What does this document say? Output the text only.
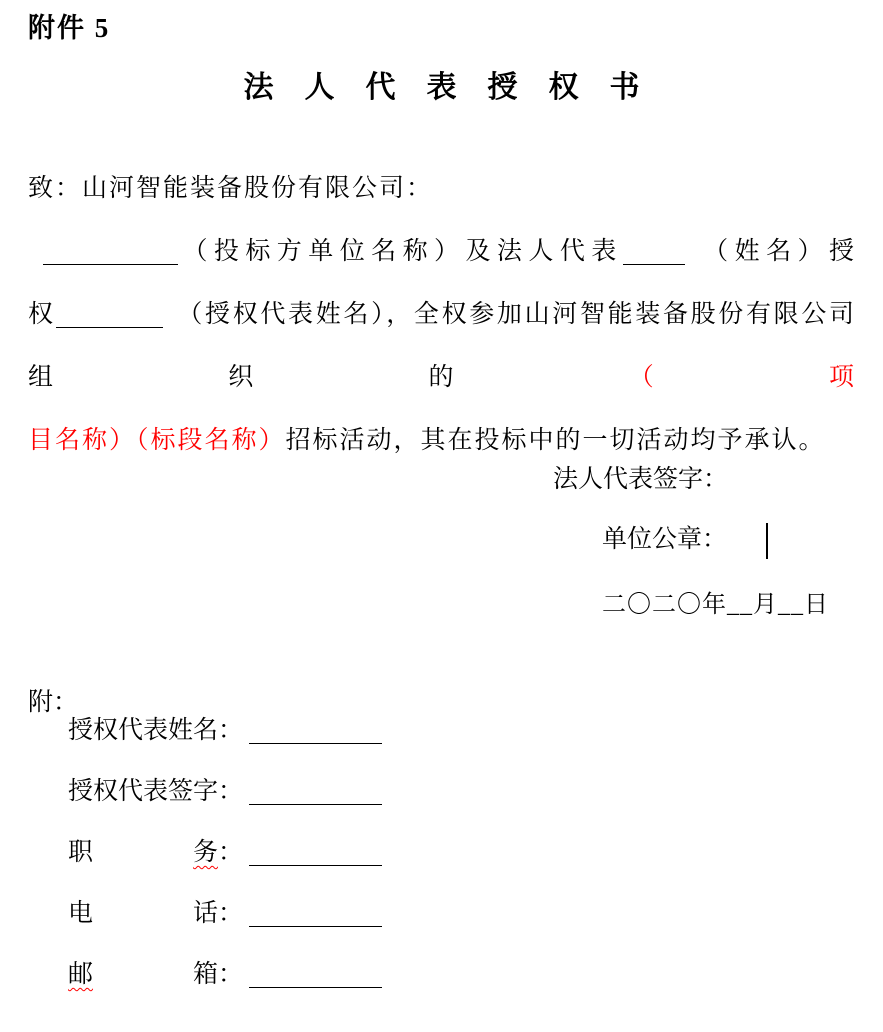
附件 5
法人代表授权书
致：山河智能装备股份有限公司：
（投标方单位名称）及法人代表	（姓名）授
权	（授权代表姓名），全权参加山河智能装备股份有限公司组织的（项
目名称）（标段名称）招标活动，其在投标中的一切活动均予承认。
法人代表签字：
单位公章：
二〇二〇年__月__日
附：
授权代表姓名 ：
授权代表签字 ：
职	务 ：
电	话 ：
邮	箱 ：
